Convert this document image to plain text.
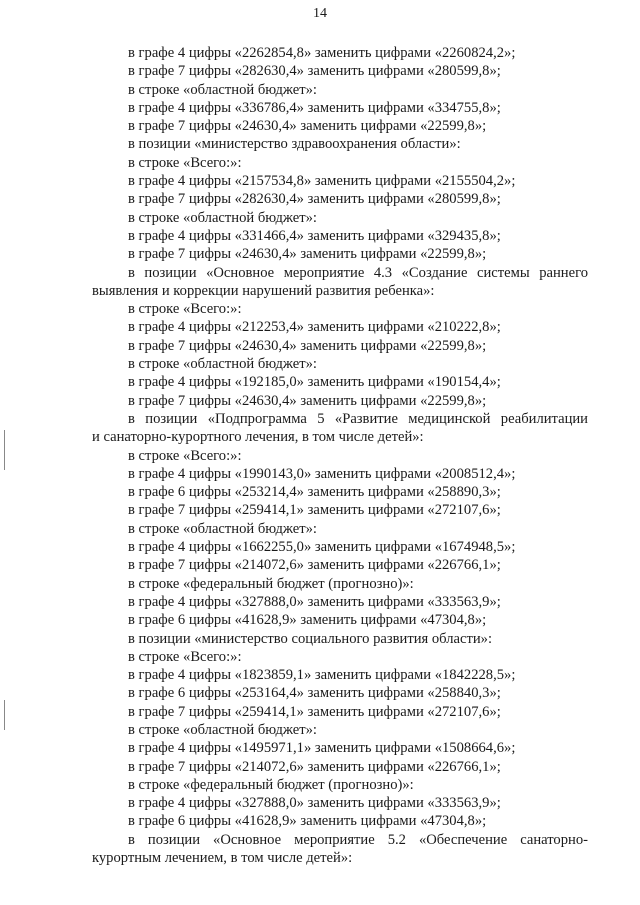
14

в графе 4 цифры «2262854,8» заменить цифрами «2260824,2»;

в графе 7 цифры «282630,4» заменить цифрами «280599,8»;

в строке «областной бюджет»:

в графе 4 цифры «336786,4» заменить цифрами «334755,8»;

в графе 7 цифры «24630,4» заменить цифрами «22599,8»;

в позиции «министерство здравоохранения области»:

в строке «Всего:»:

в графе 4 цифры «2157534,8» заменить цифрами «2155504,2»;

в графе 7 цифры «282630,4» заменить цифрами «280599,8»;

в строке «областной бюджет»:

в графе 4 цифры «331466,4» заменить цифрами «329435,8»;

в графе 7 цифры «24630,4» заменить цифрами «22599,8»;

в позиции «Основное мероприятие 4.3 «Создание системы раннего

выявления и коррекции нарушений развития ребенка»:

в строке «Всего:»:

в графе 4 цифры «212253,4» заменить цифрами «210222,8»;

в графе 7 цифры «24630,4» заменить цифрами «22599,8»;

в строке «областной бюджет»:

в графе 4 цифры «192185,0» заменить цифрами «190154,4»;

в графе 7 цифры «24630,4» заменить цифрами «22599,8»;

в позиции «Подпрограмма 5 «Развитие медицинской реабилитации

и санаторно-курортного лечения, в том числе детей»:

в строке «Всего:»:

в графе 4 цифры «1990143,0» заменить цифрами «2008512,4»;

в графе 6 цифры «253214,4» заменить цифрами «258890,3»;

в графе 7 цифры «259414,1» заменить цифрами «272107,6»;

в строке «областной бюджет»:

в графе 4 цифры «1662255,0» заменить цифрами «1674948,5»;

в графе 7 цифры «214072,6» заменить цифрами «226766,1»;

в строке «федеральный бюджет (прогнозно)»:

в графе 4 цифры «327888,0» заменить цифрами «333563,9»;

в графе 6 цифры «41628,9» заменить цифрами «47304,8»;

в позиции «министерство социального развития области»:

в строке «Всего:»:

в графе 4 цифры «1823859,1» заменить цифрами «1842228,5»;

в графе 6 цифры «253164,4» заменить цифрами «258840,3»;

в графе 7 цифры «259414,1» заменить цифрами «272107,6»;

в строке «областной бюджет»:

в графе 4 цифры «1495971,1» заменить цифрами «1508664,6»;

в графе 7 цифры «214072,6» заменить цифрами «226766,1»;

в строке «федеральный бюджет (прогнозно)»:

в графе 4 цифры «327888,0» заменить цифрами «333563,9»;

в графе 6 цифры «41628,9» заменить цифрами «47304,8»;

в позиции «Основное мероприятие 5.2 «Обеспечение санаторно-

курортным лечением, в том числе детей»:
